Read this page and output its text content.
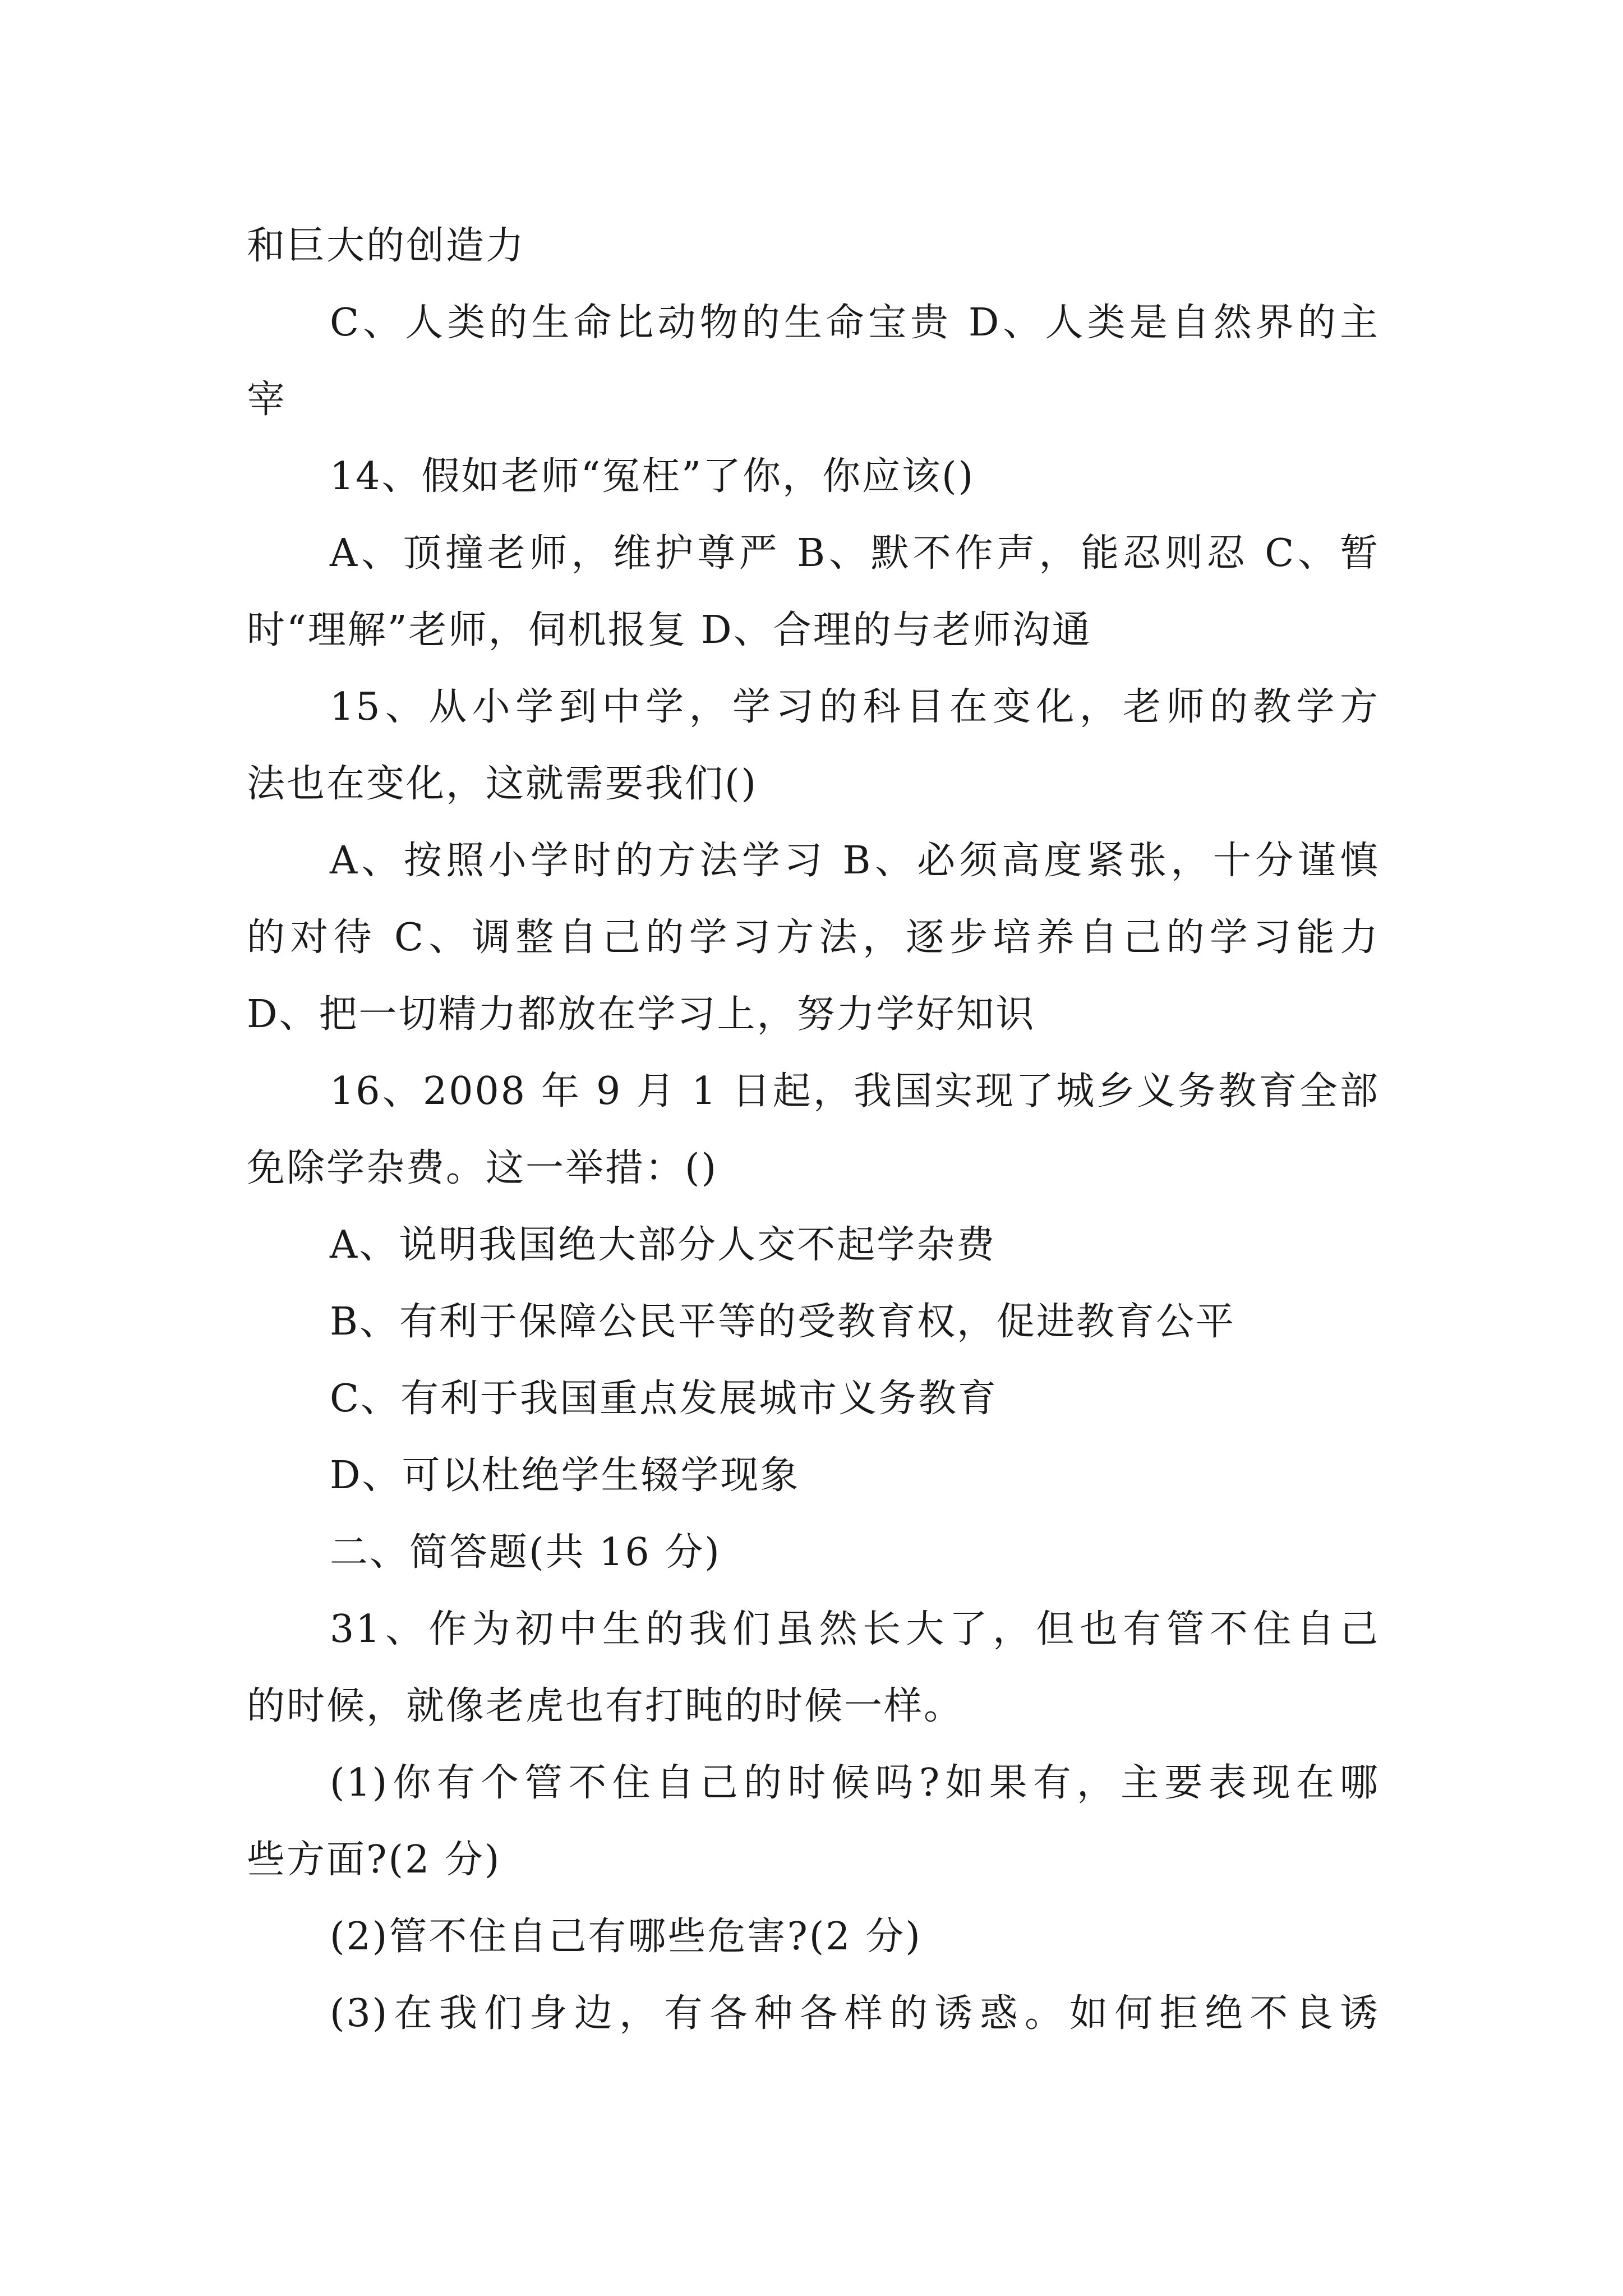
和巨大的创造力
C、人类的生命比动物的生命宝贵 D、人类是自然界的主
宰
14、假如老师“冤枉”了你，你应该()
A、顶撞老师，维护尊严 B、默不作声，能忍则忍 C、暂
时“理解”老师，伺机报复 D、合理的与老师沟通
15、从小学到中学，学习的科目在变化，老师的教学方
法也在变化，这就需要我们()
A、按照小学时的方法学习 B、必须高度紧张，十分谨慎
的对待 C、调整自己的学习方法，逐步培养自己的学习能力
D、把一切精力都放在学习上，努力学好知识
16、2008 年 9 月 1 日起，我国实现了城乡义务教育全部
免除学杂费。这一举措：()
A、说明我国绝大部分人交不起学杂费
B、有利于保障公民平等的受教育权，促进教育公平
C、有利于我国重点发展城市义务教育
D、可以杜绝学生辍学现象
二、简答题(共 16 分)
31、作为初中生的我们虽然长大了，但也有管不住自己
的时候，就像老虎也有打盹的时候一样。
(1)你有个管不住自己的时候吗?如果有，主要表现在哪
些方面?(2 分)
(2)管不住自己有哪些危害?(2 分)
(3)在我们身边，有各种各样的诱惑。如何拒绝不良诱
